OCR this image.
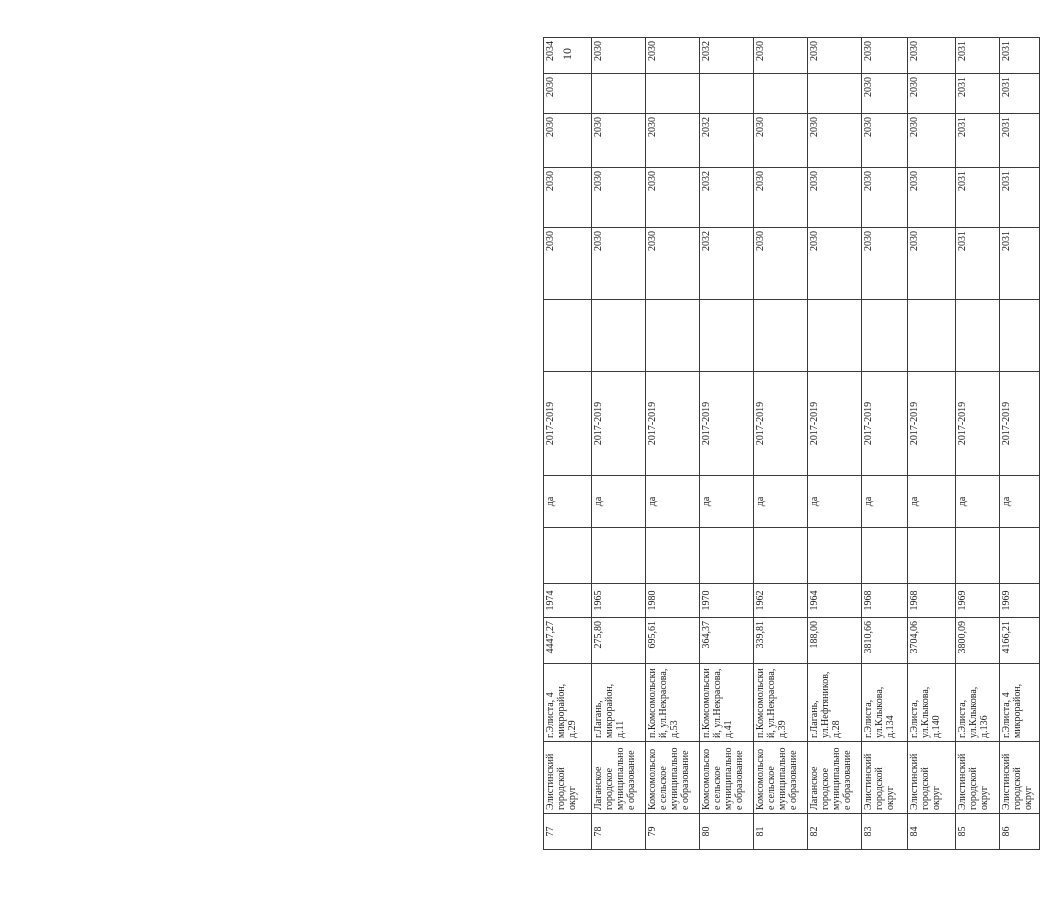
77	Элистинский городской округ	г.Элиста, 4 микрорайон, д.29	4447,27	1974		да	2017-2019		2030	2030	2030	2030	2034
78	Лаганское городское муниципальное образование	г.Лагань, микрорайон, д.11	275,80	1965		да	2017-2019		2030	2030	2030		2030
79	Комсомольское сельское муниципальное образование	п.Комсомольский, ул.Некрасова, д.53	695,61	1980		да	2017-2019		2030	2030	2030		2030
80	Комсомольское сельское муниципальное образование	п.Комсомольский, ул.Некрасова, д.41	364,37	1970		да	2017-2019		2032	2032	2032		2032
81	Комсомольское сельское муниципальное образование	п.Комсомольский, ул.Некрасова, д.39	339,81	1962		да	2017-2019		2030	2030	2030		2030
82	Лаганское городское муниципальное образование	г.Лагань, ул.Нефтяников, д.28	188,00	1964		да	2017-2019		2030	2030	2030		2030
83	Элистинский городской округ	г.Элиста, ул.Клыкова, д.134	3810,66	1968		да	2017-2019		2030	2030	2030	2030	2030
84	Элистинский городской округ	г.Элиста, ул.Клыкова, д.140	3704,06	1968		да	2017-2019		2030	2030	2030	2030	2030
85	Элистинский городской округ	г.Элиста, ул.Клыкова, д.136	3800,09	1969		да	2017-2019		2031	2031	2031	2031	2031
86	Элистинский городской округ	г.Элиста, 4 микрорайон,	4166,21	1969		да	2017-2019		2031	2031	2031	2031	2031
10
